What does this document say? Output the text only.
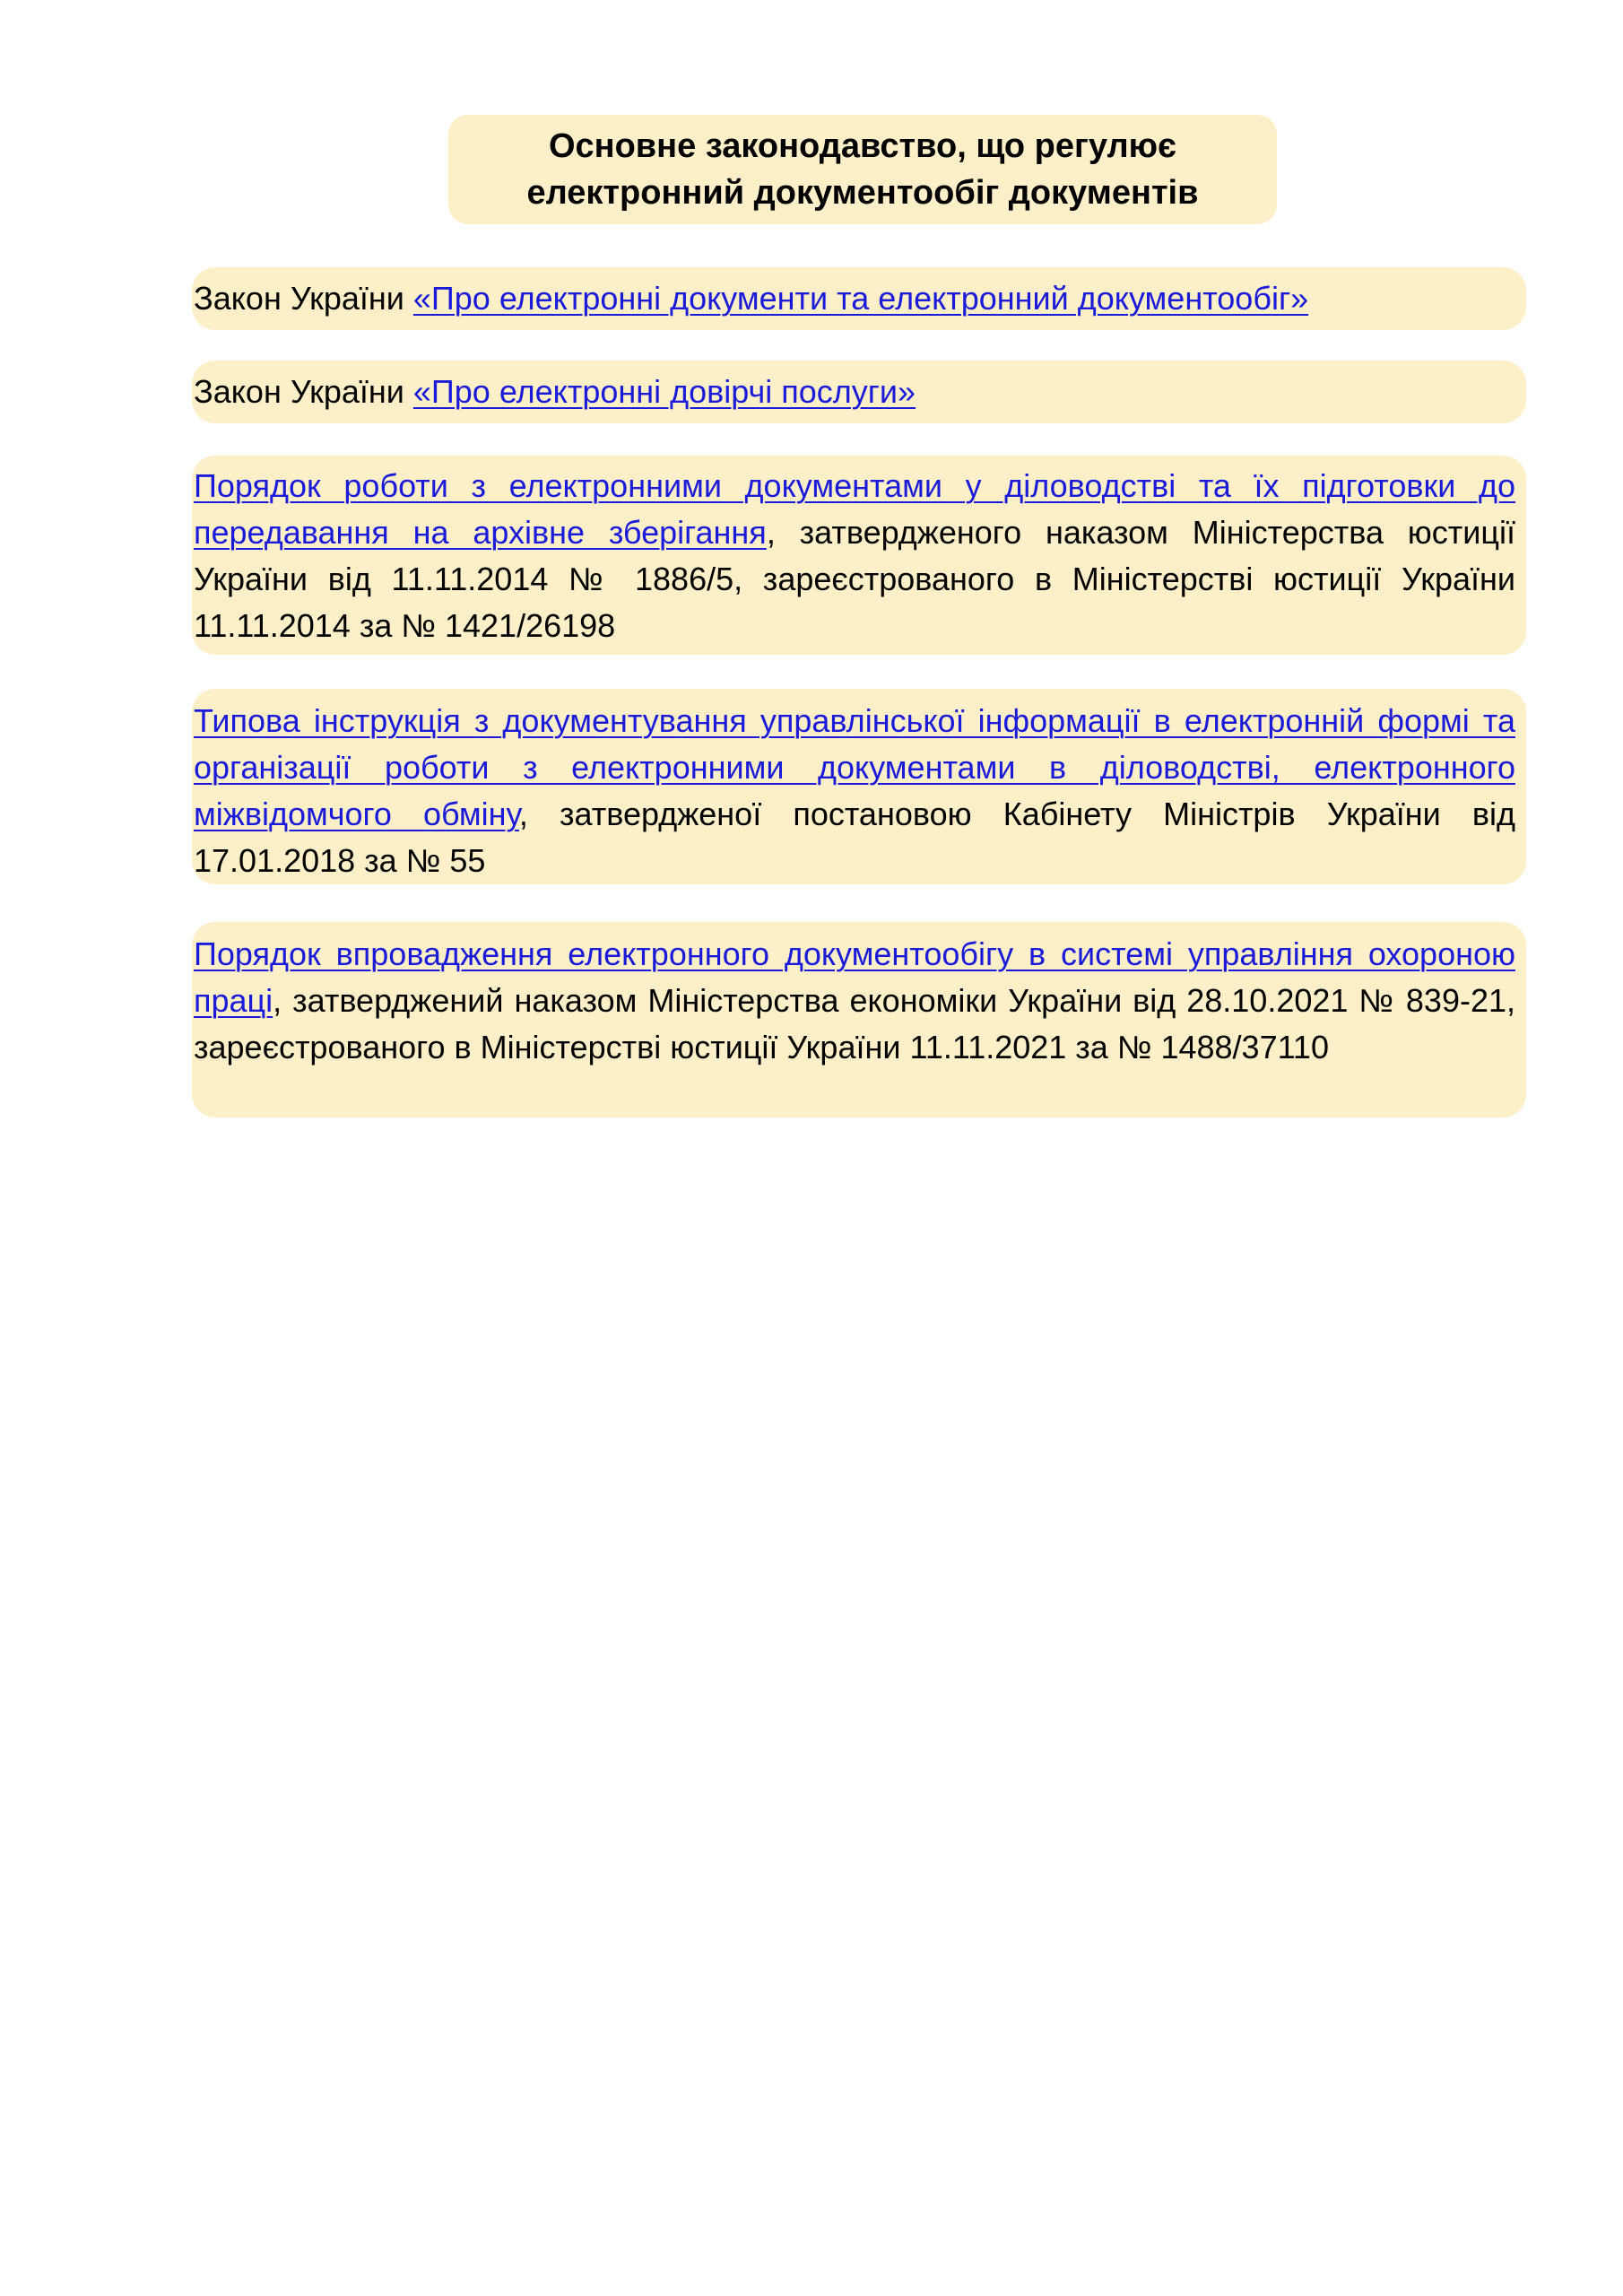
Основне законодавство, що регулює
електронний документообіг документів
Закон України «Про електронні документи та електронний документообіг»
Закон України «Про електронні довірчі послуги»
Порядок роботи з електронними документами у діловодстві та їх підготовки до передавання на архівне зберігання, затвердженого наказом Міністерства юстиції України від 11.11.2014 № 1886/5, зареєстрованого в Міністерстві юстиції України 11.11.2014 за № 1421/26198
Типова інструкція з документування управлінської інформації в електронній формі та організації роботи з електронними документами в діловодстві, електронного міжвідомчого обміну, затвердженої постановою Кабінету Міністрів України від 17.01.2018 за № 55
Порядок впровадження електронного документообігу в системі управління охороною праці, затверджений наказом Міністерства економіки України від 28.10.2021 № 839-21, зареєстрованого в Міністерстві юстиції України 11.11.2021 за № 1488/37110
